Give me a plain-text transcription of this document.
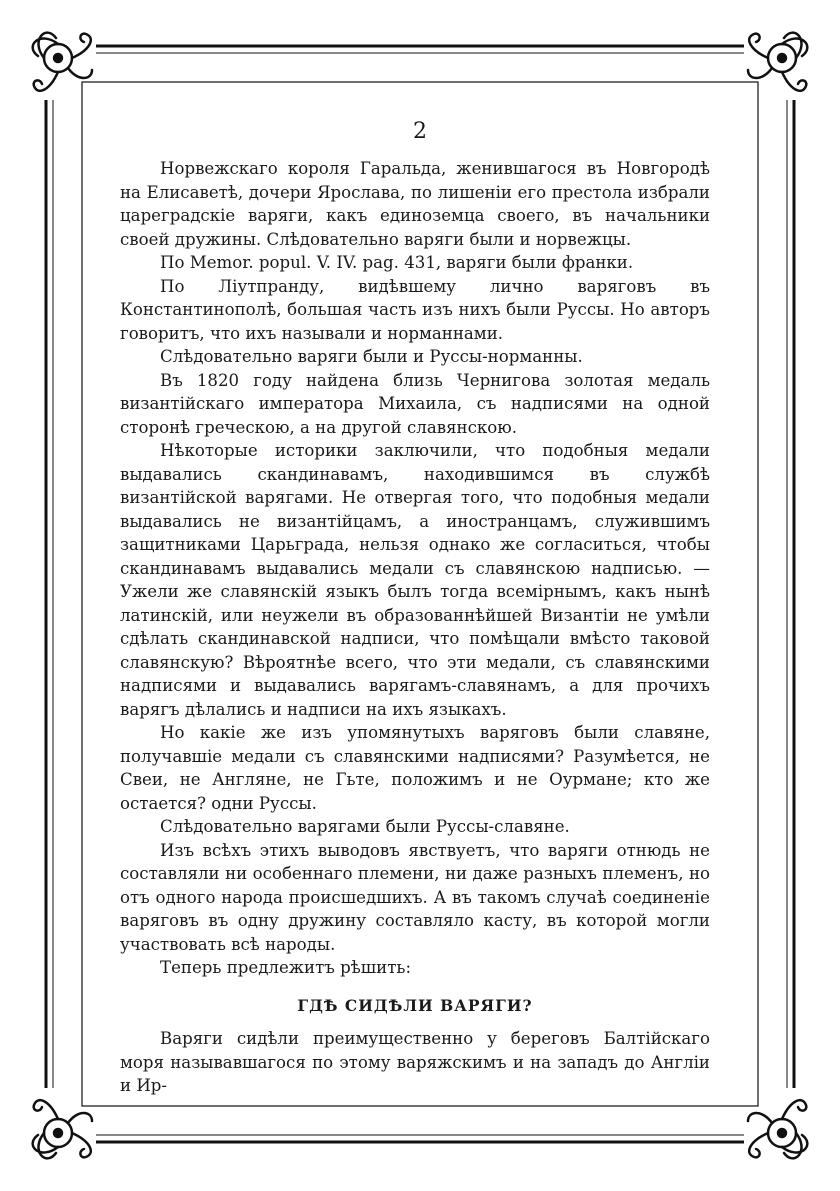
2

Норвежскаго короля Гаральда, женившагося въ Новгородѣ на Елисаветѣ, дочери Ярослава, по лишеніи его престола избрали цареградскіе варяги, какъ единоземца своего, въ начальники своей дружины. Слѣдовательно варяги были и норвежцы.

По Memor. popul. V. IV. pag. 431, варяги были франки.

По Ліутпранду, видѣвшему лично варяговъ въ Константинополѣ, большая часть изъ нихъ были Руссы. Но авторъ говоритъ, что ихъ называли и норманнами.

Слѣдовательно варяги были и Руссы-норманны.

Въ 1820 году найдена близь Чернигова золотая медаль византійскаго императора Михаила, съ надписями на одной сторонѣ греческою, а на другой славянскою.

Нѣкоторые историки заключили, что подобныя медали выдавались скандинавамъ, находившимся въ службѣ византійской варягами. Не отвергая того, что подобныя медали выдавались не византійцамъ, а иностранцамъ, служившимъ защитниками Царьграда, нельзя однако же согласиться, чтобы скандинавамъ выдавались медали съ славянскою надписью. — Ужели же славянскій языкъ былъ тогда всемірнымъ, какъ нынѣ латинскій, или неужели въ образованнѣйшей Византіи не умѣли сдѣлать скандинавской надписи, что помѣщали вмѣсто таковой славянскую? Вѣроятнѣе всего, что эти медали, съ славянскими надписями и выдавались варягамъ-славянамъ, а для прочихъ варягъ дѣлались и надписи на ихъ языкахъ.

Но какіе же изъ упомянутыхъ варяговъ были славяне, получавшіе медали съ славянскими надписями? Разумѣется, не Свеи, не Англяне, не Гьте, положимъ и не Оурмане; кто же остается? одни Руссы.

Слѣдовательно варягами были Руссы-славяне.

Изъ всѣхъ этихъ выводовъ явствуетъ, что варяги отнюдь не составляли ни особеннаго племени, ни даже разныхъ племенъ, но отъ одного народа происшедшихъ. А въ такомъ случаѣ соединеніе варяговъ въ одну дружину составляло касту, въ которой могли участвовать всѣ народы.

Теперь предлежитъ рѣшить:

ГДѢ СИДѢЛИ ВАРЯГИ?

Варяги сидѣли преимущественно у береговъ Балтійскаго моря называвшагося по этому варяжскимъ и на западъ до Англіи и Ир-
